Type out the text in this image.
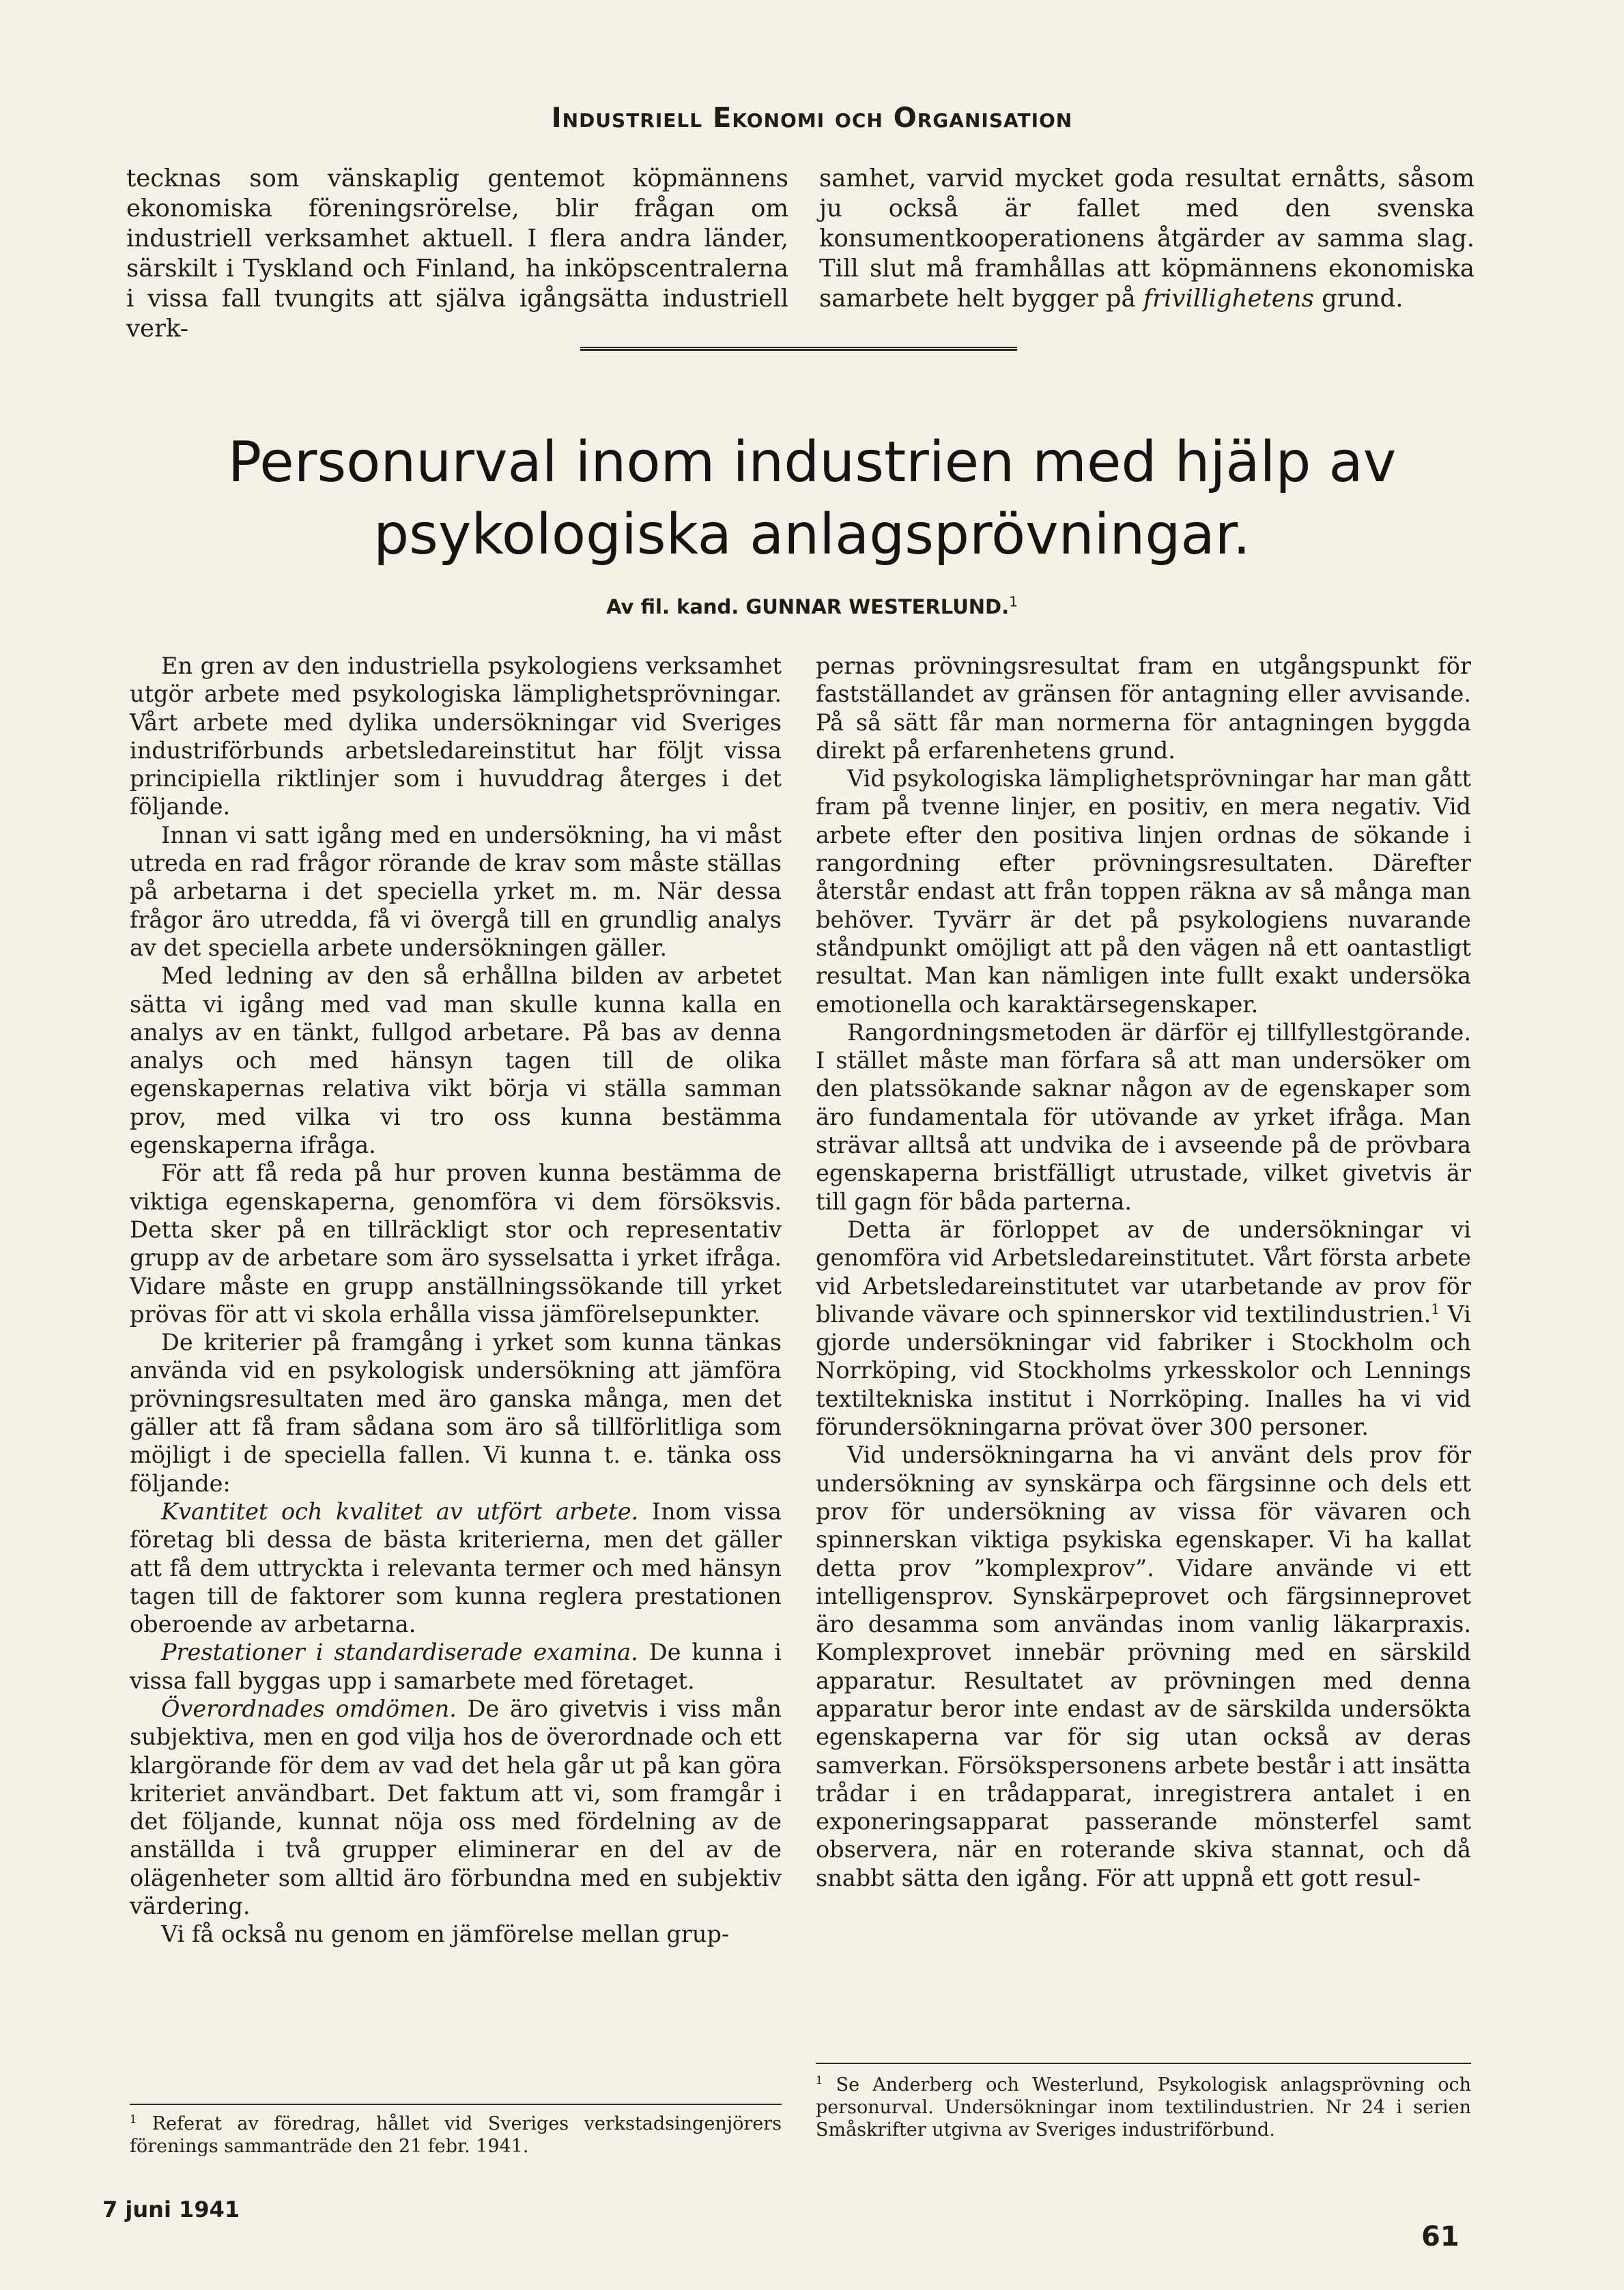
Industriell Ekonomi och Organisation

tecknas som vänskaplig gentemot köpmännens ekonomiska föreningsrörelse, blir frågan om industriell verksamhet aktuell. I flera andra länder, särskilt i Tyskland och Finland, ha inköpscentralerna i vissa fall tvungits att själva igångsätta industriell verk-

samhet, varvid mycket goda resultat ernåtts, såsom ju också är fallet med den svenska konsumentkooperationens åtgärder av samma slag. Till slut må framhållas att köpmännens ekonomiska samarbete helt bygger på frivillighetens grund.

Personurval inom industrien med hjälp av
psykologiska anlagsprövningar.
Av fil. kand. GUNNAR WESTERLUND.$^1$

En gren av den industriella psykologiens verksamhet utgör arbete med psykologiska lämplighetsprövningar. Vårt arbete med dylika undersökningar vid Sveriges industriförbunds arbetsledareinstitut har följt vissa principiella riktlinjer som i huvuddrag återges i det följande.

Innan vi satt igång med en undersökning, ha vi måst utreda en rad frågor rörande de krav som måste ställas på arbetarna i det speciella yrket m. m. När dessa frågor äro utredda, få vi övergå till en grundlig analys av det speciella arbete undersökningen gäller.

Med ledning av den så erhållna bilden av arbetet sätta vi igång med vad man skulle kunna kalla en analys av en tänkt, fullgod arbetare. På bas av denna analys och med hänsyn tagen till de olika egenskapernas relativa vikt börja vi ställa samman prov, med vilka vi tro oss kunna bestämma egenskaperna ifråga.

För att få reda på hur proven kunna bestämma de viktiga egenskaperna, genomföra vi dem försöksvis. Detta sker på en tillräckligt stor och representativ grupp av de arbetare som äro sysselsatta i yrket ifråga. Vidare måste en grupp anställningssökande till yrket prövas för att vi skola erhålla vissa jämförelsepunkter.

De kriterier på framgång i yrket som kunna tänkas använda vid en psykologisk undersökning att jämföra prövningsresultaten med äro ganska många, men det gäller att få fram sådana som äro så tillförlitliga som möjligt i de speciella fallen. Vi kunna t. e. tänka oss följande:

Kvantitet och kvalitet av utfört arbete. Inom vissa företag bli dessa de bästa kriterierna, men det gäller att få dem uttryckta i relevanta termer och med hänsyn tagen till de faktorer som kunna reglera prestationen oberoende av arbetarna.

Prestationer i standardiserade examina. De kunna i vissa fall byggas upp i samarbete med företaget.

Överordnades omdömen. De äro givetvis i viss mån subjektiva, men en god vilja hos de överordnade och ett klargörande för dem av vad det hela går ut på kan göra kriteriet användbart. Det faktum att vi, som framgår i det följande, kunnat nöja oss med fördelning av de anställda i två grupper eliminerar en del av de olägenheter som alltid äro förbundna med en subjektiv värdering.

Vi få också nu genom en jämförelse mellan grup-

pernas prövningsresultat fram en utgångspunkt för fastställandet av gränsen för antagning eller avvisande. På så sätt får man normerna för antagningen byggda direkt på erfarenhetens grund.

Vid psykologiska lämplighetsprövningar har man gått fram på tvenne linjer, en positiv, en mera negativ. Vid arbete efter den positiva linjen ordnas de sökande i rangordning efter prövningsresultaten. Därefter återstår endast att från toppen räkna av så många man behöver. Tyvärr är det på psykologiens nuvarande ståndpunkt omöjligt att på den vägen nå ett oantastligt resultat. Man kan nämligen inte fullt exakt undersöka emotionella och karaktärsegenskaper.

Rangordningsmetoden är därför ej tillfyllestgörande. I stället måste man förfara så att man undersöker om den platssökande saknar någon av de egenskaper som äro fundamentala för utövande av yrket ifråga. Man strävar alltså att undvika de i avseende på de prövbara egenskaperna bristfälligt utrustade, vilket givetvis är till gagn för båda parterna.

Detta är förloppet av de undersökningar vi genomföra vid Arbetsledareinstitutet. Vårt första arbete vid Arbetsledareinstitutet var utarbetande av prov för blivande vävare och spinnerskor vid textilindustrien.$^1$ Vi gjorde undersökningar vid fabriker i Stockholm och Norrköping, vid Stockholms yrkesskolor och Lennings textiltekniska institut i Norrköping. Inalles ha vi vid förundersökningarna prövat över 300 personer.

Vid undersökningarna ha vi använt dels prov för undersökning av synskärpa och färgsinne och dels ett prov för undersökning av vissa för vävaren och spinnerskan viktiga psykiska egenskaper. Vi ha kallat detta prov ”komplexprov”. Vidare använde vi ett intelligensprov. Synskärpeprovet och färgsinneprovet äro desamma som användas inom vanlig läkarpraxis. Komplexprovet innebär prövning med en särskild apparatur. Resultatet av prövningen med denna apparatur beror inte endast av de särskilda undersökta egenskaperna var för sig utan också av deras samverkan. Försökspersonens arbete består i att insätta trådar i en trådapparat, inregistrera antalet i en exponeringsapparat passerande mönsterfel samt observera, när en roterande skiva stannat, och då snabbt sätta den igång. För att uppnå ett gott resul-

$^1$ Referat av föredrag, hållet vid Sveriges verkstadsingenjörers förenings sammanträde den 21 febr. 1941.
$^1$ Se Anderberg och Westerlund, Psykologisk anlagsprövning och personurval. Undersökningar inom textilindustrien. Nr 24 i serien Småskrifter utgivna av Sveriges industriförbund.
7 juni 1941
61
